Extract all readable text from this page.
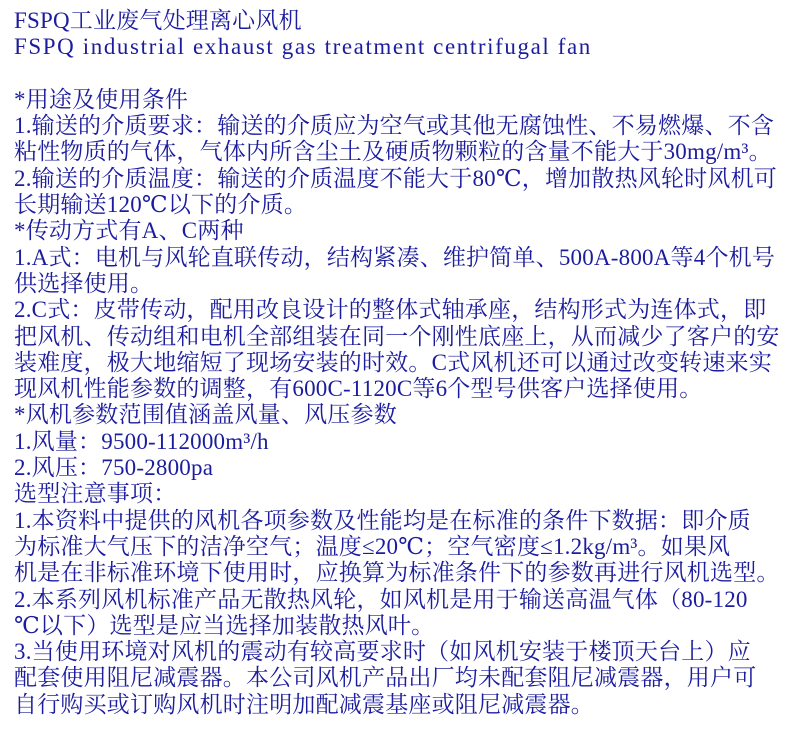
FSPQ工业废气处理离心风机
FSPQ industrial exhaust gas treatment centrifugal fan
*用途及使用条件
1.输送的介质要求：输送的介质应为空气或其他无腐蚀性、不易燃爆、不含
粘性物质的气体，气体内所含尘土及硬质物颗粒的含量不能大于30mg/m³。
2.输送的介质温度：输送的介质温度不能大于80℃，增加散热风轮时风机可
长期输送120℃以下的介质。
*传动方式有A、C两种
1.A式：电机与风轮直联传动，结构紧凑、维护简单、500A-800A等4个机号
供选择使用。
2.C式：皮带传动，配用改良设计的整体式轴承座，结构形式为连体式，即
把风机、传动组和电机全部组装在同一个刚性底座上，从而减少了客户的安
装难度，极大地缩短了现场安装的时效。C式风机还可以通过改变转速来实
现风机性能参数的调整，有600C-1120C等6个型号供客户选择使用。
*风机参数范围值涵盖风量、风压参数
1.风量：9500-112000m³/h
2.风压：750-2800pa
选型注意事项：
1.本资料中提供的风机各项参数及性能均是在标准的条件下数据：即介质
为标准大气压下的洁净空气；温度≤20℃；空气密度≤1.2kg/m³。如果风
机是在非标准环境下使用时，应换算为标准条件下的参数再进行风机选型。
2.本系列风机标准产品无散热风轮，如风机是用于输送高温气体（80-120
℃以下）选型是应当选择加装散热风叶。
3.当使用环境对风机的震动有较高要求时（如风机安装于楼顶天台上）应
配套使用阻尼减震器。本公司风机产品出厂均未配套阻尼减震器，用户可
自行购买或订购风机时注明加配减震基座或阻尼减震器。
